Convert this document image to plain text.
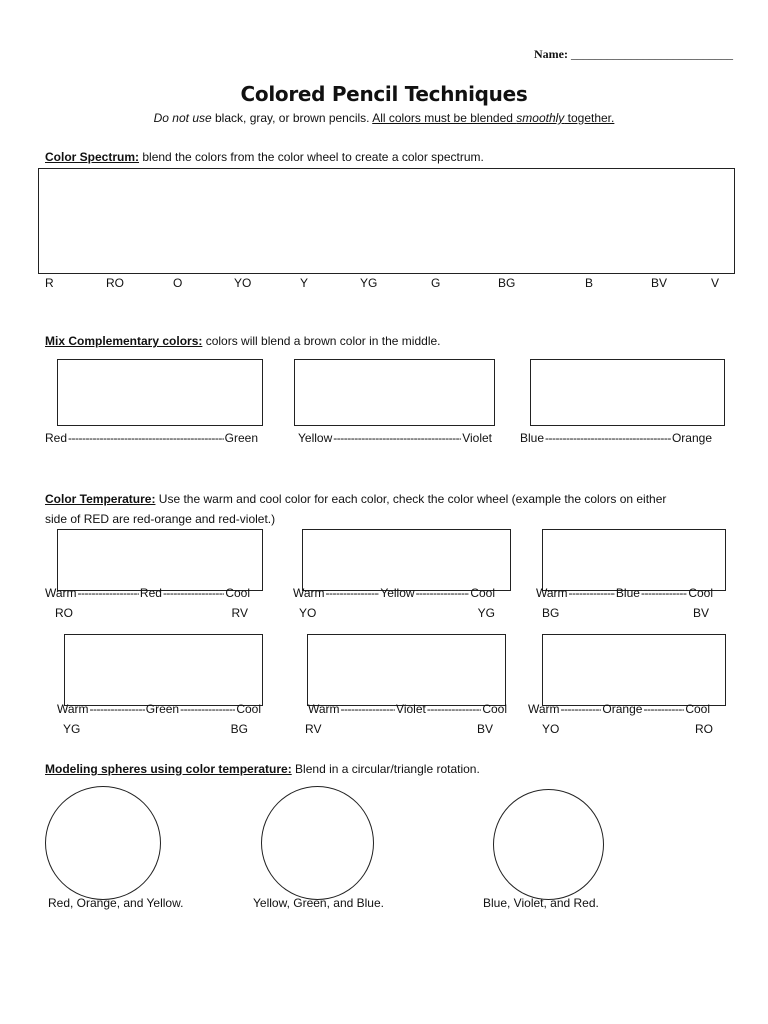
Name: ___________________________
Colored Pencil Techniques
Do not use black, gray, or brown pencils. All colors must be blended smoothly together.
Color Spectrum: blend the colors from the color wheel to create a color spectrum.
R	RO	O	YO	Y	YG	G	BG	B	BV	V
Mix Complementary colors: colors will blend a brown color in the middle.
Red -----	Green	Yellow -----	Violet Blue -----	Orange
Color Temperature: Use the warm and cool color for each color, check the color wheel (example the colors on either
side of RED are red-orange and red-violet.)
Warm -----	Red -----	Cool	Warm -----	Yellow -----	Cool	Warm -----	Blue -----	Cool
RO	RV	YO	YG	BG	BV
Warm -----	Green -----	Cool	Warm -----	Violet -----	Cool Warm -----	Orange -----	Cool
YG	BG	RV	BV	YO	RO
Modeling spheres using color temperature: Blend in a circular/triangle rotation.
Red, Orange, and Yellow.	Yellow, Green, and Blue.	Blue, Violet, and Red.
